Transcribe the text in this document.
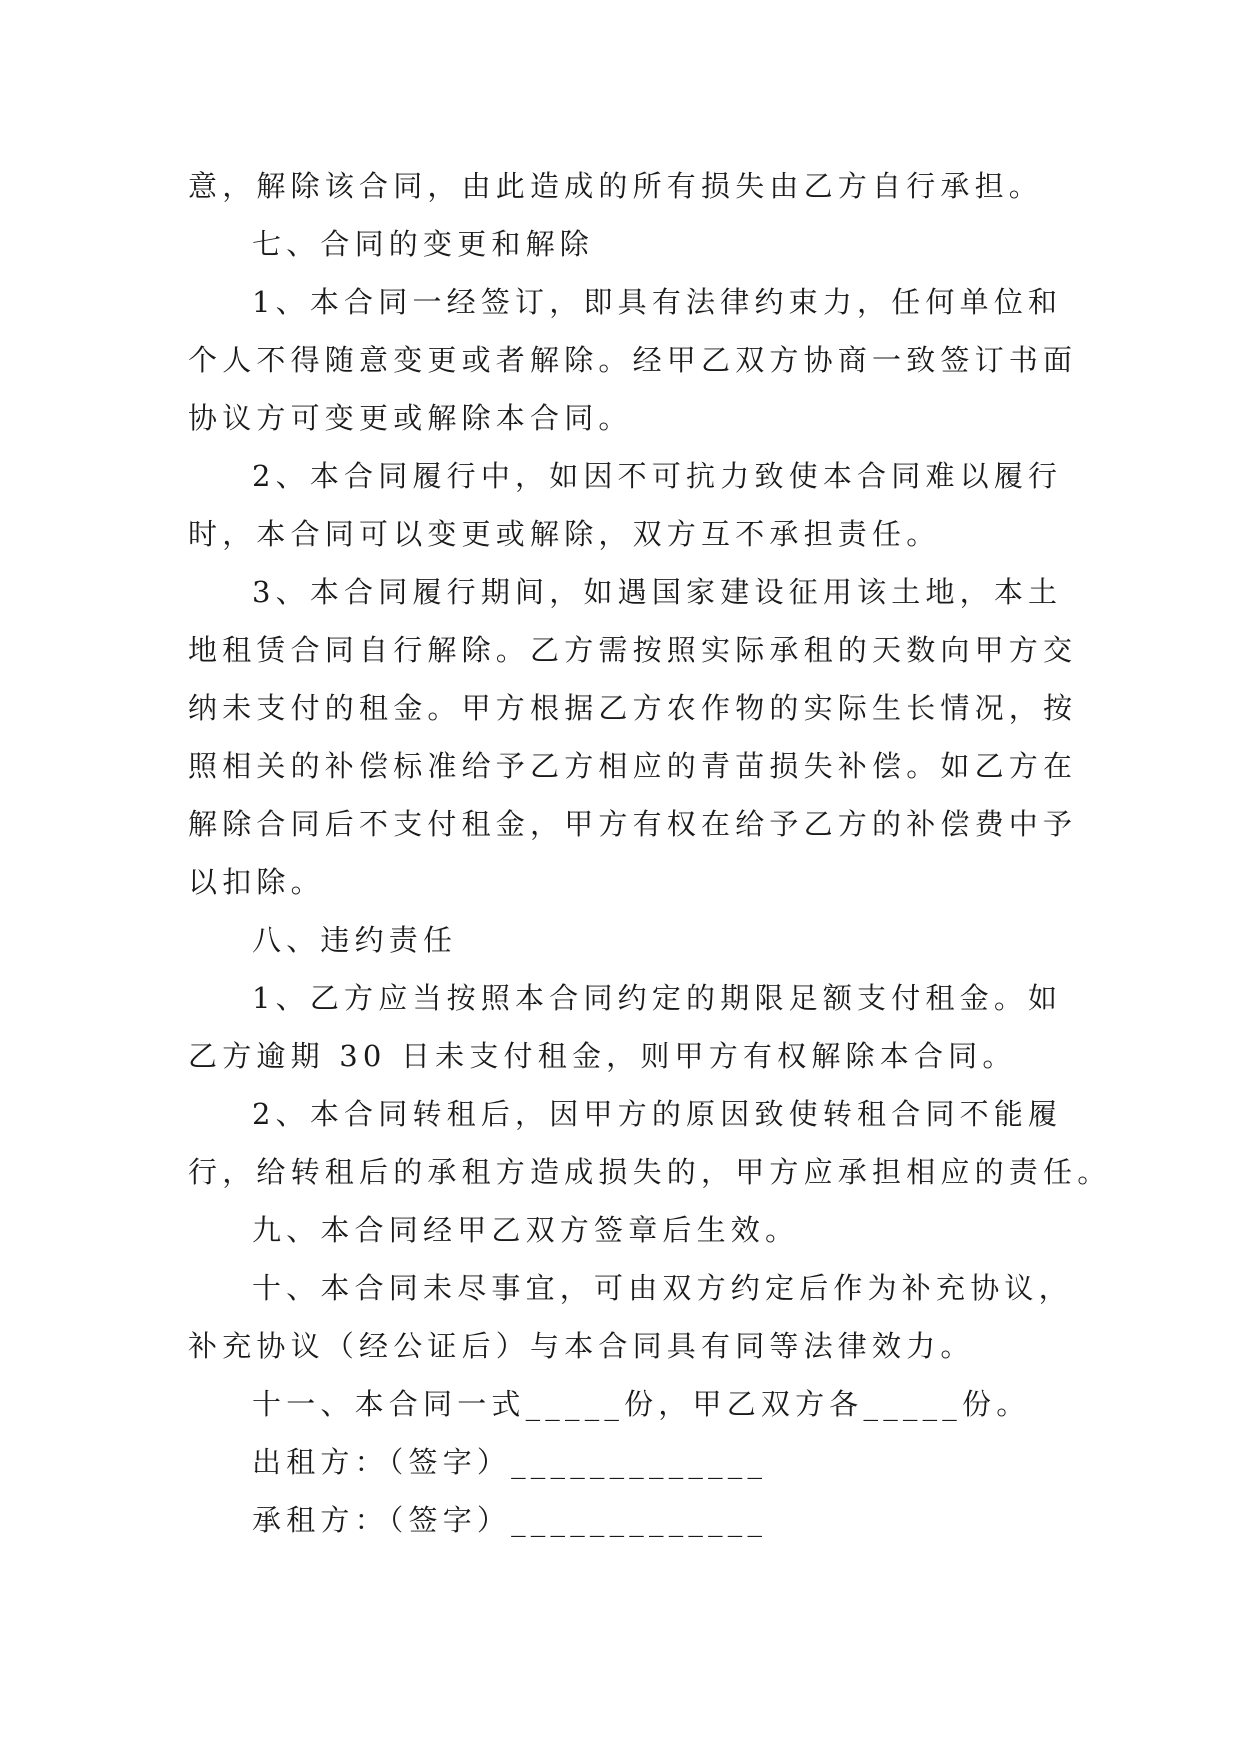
意，解除该合同，由此造成的所有损失由乙方自行承担。
七、合同的变更和解除
1、本合同一经签订，即具有法律约束力，任何单位和
个人不得随意变更或者解除。经甲乙双方协商一致签订书面
协议方可变更或解除本合同。
2、本合同履行中，如因不可抗力致使本合同难以履行
时，本合同可以变更或解除，双方互不承担责任。
3、本合同履行期间，如遇国家建设征用该土地，本土
地租赁合同自行解除。乙方需按照实际承租的天数向甲方交
纳未支付的租金。甲方根据乙方农作物的实际生长情况，按
照相关的补偿标准给予乙方相应的青苗损失补偿。如乙方在
解除合同后不支付租金，甲方有权在给予乙方的补偿费中予
以扣除。
八、违约责任
1、乙方应当按照本合同约定的期限足额支付租金。如
乙方逾期 30 日未支付租金，则甲方有权解除本合同。
2、本合同转租后，因甲方的原因致使转租合同不能履
行，给转租后的承租方造成损失的，甲方应承担相应的责任。
九、本合同经甲乙双方签章后生效。
十、本合同未尽事宜，可由双方约定后作为补充协议，
补充协议（经公证后）与本合同具有同等法律效力。
十一、本合同一式_____份，甲乙双方各_____份。
出租方：（签字）_____________
承租方：（签字）_____________
